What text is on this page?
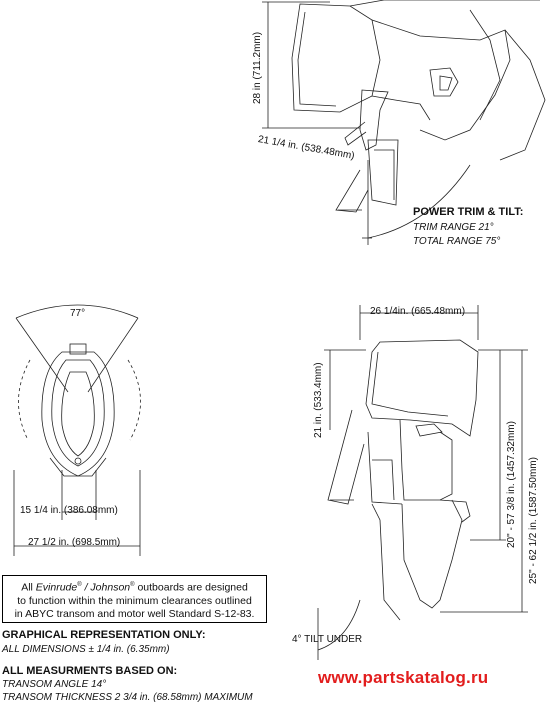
28 in (711.2mm)
21 1/4 in. (538.48mm)
POWER TRIM & TILT:
TRIM RANGE 21°
TOTAL RANGE 75°
77°
15 1/4 in. (386.08mm)
27 1/2 in. (698.5mm)
26 1/4in. (665.48mm)
21 in. (533.4mm)
20" - 57 3/8 in. (1457.32mm) 25" - 62 1/2 in. (1587.50mm)
4° TILT UNDER
All Evinrude® / Johnson® outboards are designed
to function within the minimum clearances outlined
in ABYC transom and motor well Standard S-12-83.
GRAPHICAL REPRESENTATION ONLY:
ALL DIMENSIONS ± 1/4 in. (6.35mm)
ALL MEASURMENTS BASED ON:
TRANSOM ANGLE 14°
TRANSOM THICKNESS 2 3/4 in. (68.58mm) MAXIMUM
www.partskatalog.ru
